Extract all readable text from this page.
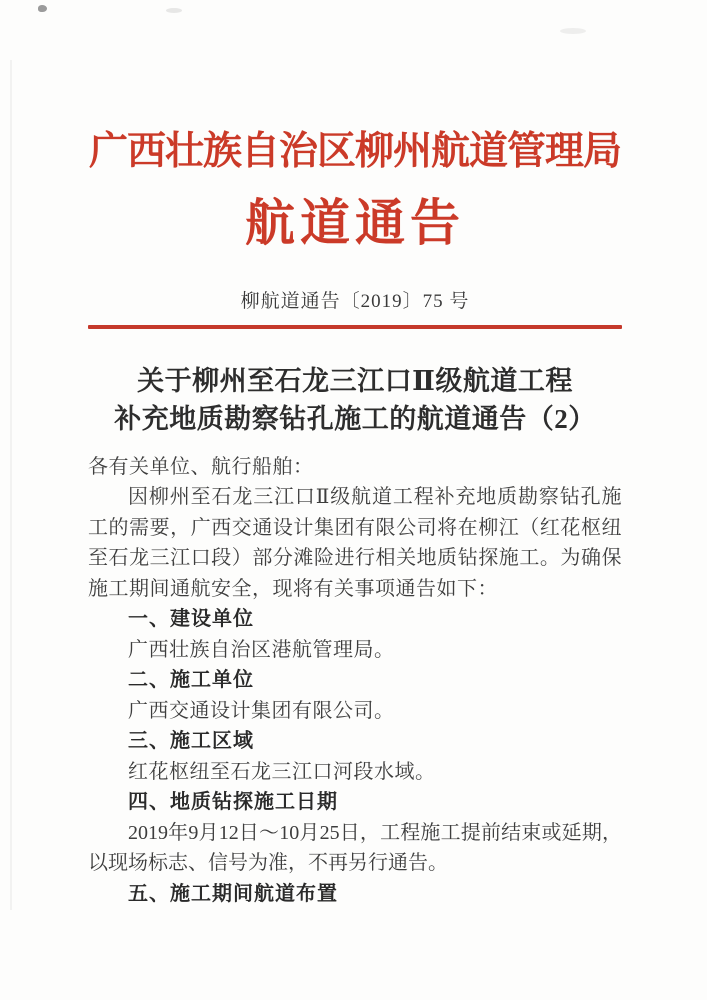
广西壮族自治区柳州航道管理局
航道通告
柳航道通告〔2019〕75 号
关于柳州至石龙三江口Ⅱ级航道工程
补充地质勘察钻孔施工的航道通告（2）

各有关单位、航行船舶：

因柳州至石龙三江口Ⅱ级航道工程补充地质勘察钻孔施工的需要，广西交通设计集团有限公司将在柳江（红花枢纽至石龙三江口段）部分滩险进行相关地质钻探施工。为确保施工期间通航安全，现将有关事项通告如下：

一、建设单位

广西壮族自治区港航管理局。

二、施工单位

广西交通设计集团有限公司。

三、施工区域

红花枢纽至石龙三江口河段水域。

四、地质钻探施工日期

2019年9月12日～10月25日，工程施工提前结束或延期，以现场标志、信号为准，不再另行通告。

五、施工期间航道布置
